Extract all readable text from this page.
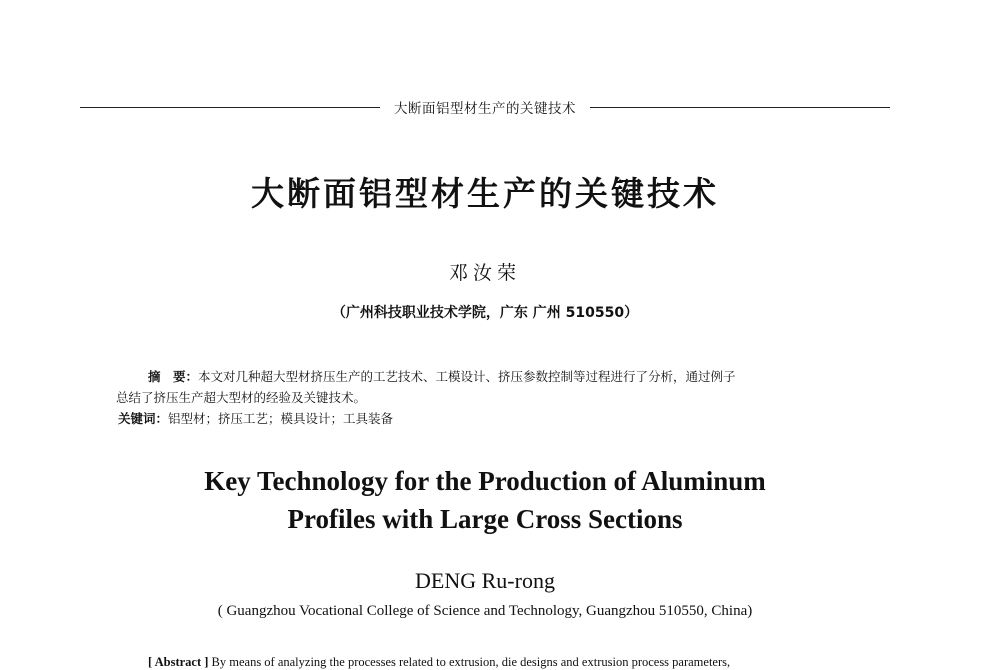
大断面铝型材生产的关键技术
大断面铝型材生产的关键技术
邓汝荣
（广州科技职业技术学院，广东 广州 510550）

摘　要：本文对几种超大型材挤压生产的工艺技术、工模设计、挤压参数控制等过程进行了分析，通过例子

总结了挤压生产超大型材的经验及关键技术。

关键词：铝型材；挤压工艺；模具设计；工具装备

Key Technology for the Production of Aluminum
Profiles with Large Cross Sections
DENG Ru-rong
( Guangzhou Vocational College of Science and Technology, Guangzhou 510550, China)
[ Abstract ] By means of analyzing the processes related to extrusion, die designs and extrusion process parameters,
